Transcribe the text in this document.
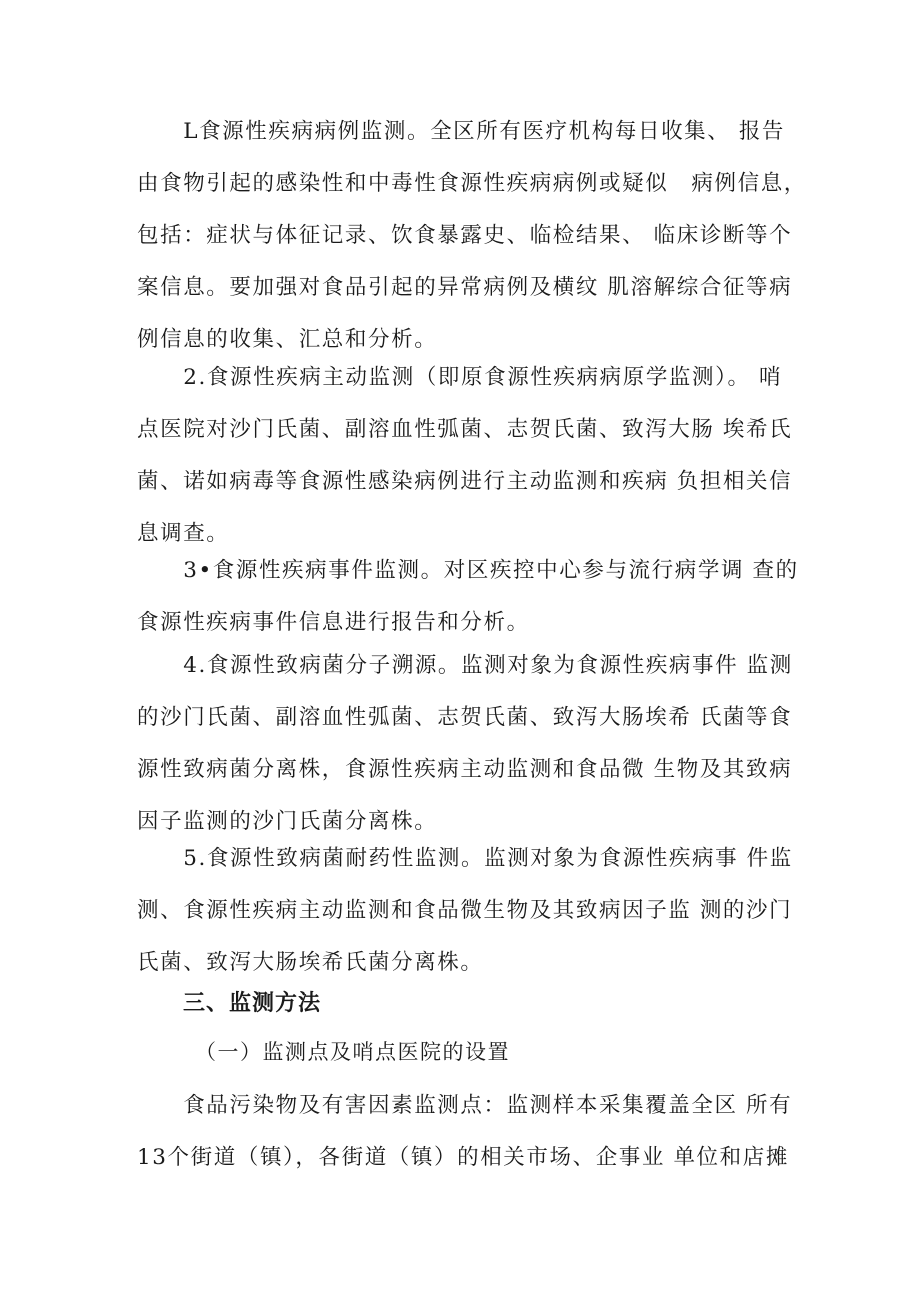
　　L食源性疾病病例监测。全区所有医疗机构每日收集、 报告
由食物引起的感染性和中毒性食源性疾病病例或疑似　病例信息，
包括：症状与体征记录、饮食暴露史、临检结果、 临床诊断等个
案信息。要加强对食品引起的异常病例及横纹 肌溶解综合征等病
例信息的收集、汇总和分析。
　　2.食源性疾病主动监测（即原食源性疾病病原学监测）。 哨
点医院对沙门氏菌、副溶血性弧菌、志贺氏菌、致泻大肠 埃希氏
菌、诺如病毒等食源性感染病例进行主动监测和疾病 负担相关信
息调查。
　　3•食源性疾病事件监测。对区疾控中心参与流行病学调 查的
食源性疾病事件信息进行报告和分析。
　　4.食源性致病菌分子溯源。监测对象为食源性疾病事件 监测
的沙门氏菌、副溶血性弧菌、志贺氏菌、致泻大肠埃希 氏菌等食
源性致病菌分离株，食源性疾病主动监测和食品微 生物及其致病
因子监测的沙门氏菌分离株。
　　5.食源性致病菌耐药性监测。监测对象为食源性疾病事 件监
测、食源性疾病主动监测和食品微生物及其致病因子监 测的沙门
氏菌、致泻大肠埃希氏菌分离株。
三、监测方法
（一）监测点及哨点医院的设置
　　食品污染物及有害因素监测点：监测样本采集覆盖全区 所有
13个街道（镇），各街道（镇）的相关市场、企事业 单位和店摊
